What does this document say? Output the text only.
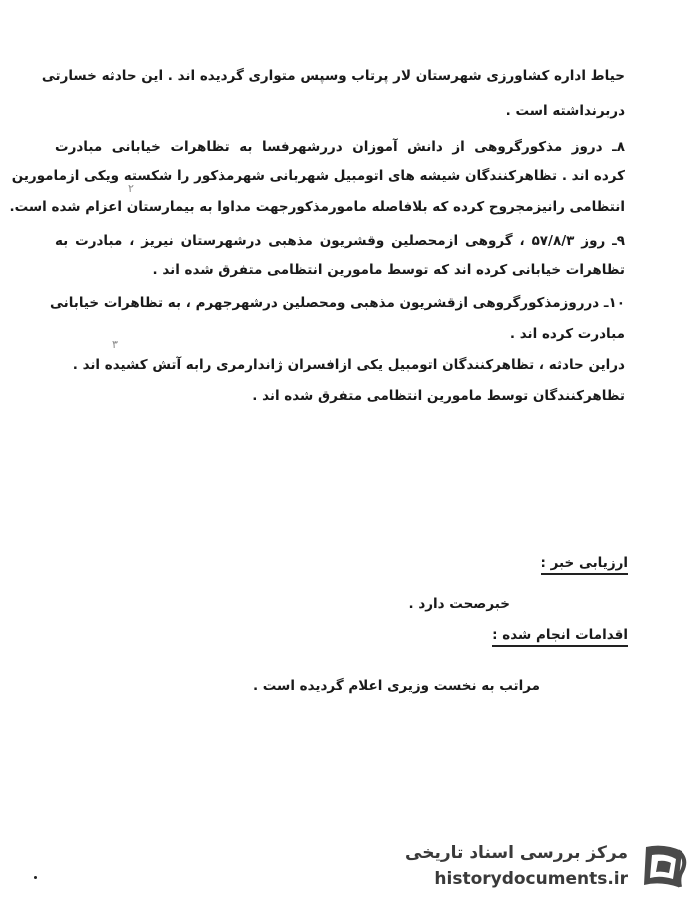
حیاط اداره کشاورزی شهرستان لار پرتاب وسپس متواری گردیده اند . این حادثه خسارتی
دربرنداشته است .
۸ـ دروز مذکورگروهی از دانش آموزان دررشهرفسا به تظاهرات خیابانی مبادرت
کرده اند . تظاهرکنندگان شیشه های اتومبیل شهربانی شهرمذکور را شکسته ویکی ازمامورین
انتظامی رانیزمجروح کرده که بلافاصله مامورمذکورجهت مداوا به بیمارستان اعزام شده است.
۹ـ روز ۵۷/۸/۳ ، گروهی ازمحصلین وقشریون مذهبی درشهرستان نیریز ، مبادرت به
تظاهرات خیابانی کرده اند که توسط مامورین انتظامی متفرق شده اند .
۱۰ـ درروزمذکورگروهی ازقشریون مذهبی ومحصلین درشهرجهرم ، به تظاهرات خیابانی
مبادرت کرده اند .
دراین حادثه ، تظاهرکنندگان اتومبیل یکی ازافسران ژاندارمری رابه آتش کشیده اند .
تظاهرکنندگان توسط مامورین انتظامی متفرق شده اند .
۲
۳
ارزیابی خبر :
خبرصحت دارد .
اقدامات انجام شده :
مراتب به نخست وزیری اعلام گردیده است .
مرکز بررسی اسناد تاریخی
historydocuments.ir
